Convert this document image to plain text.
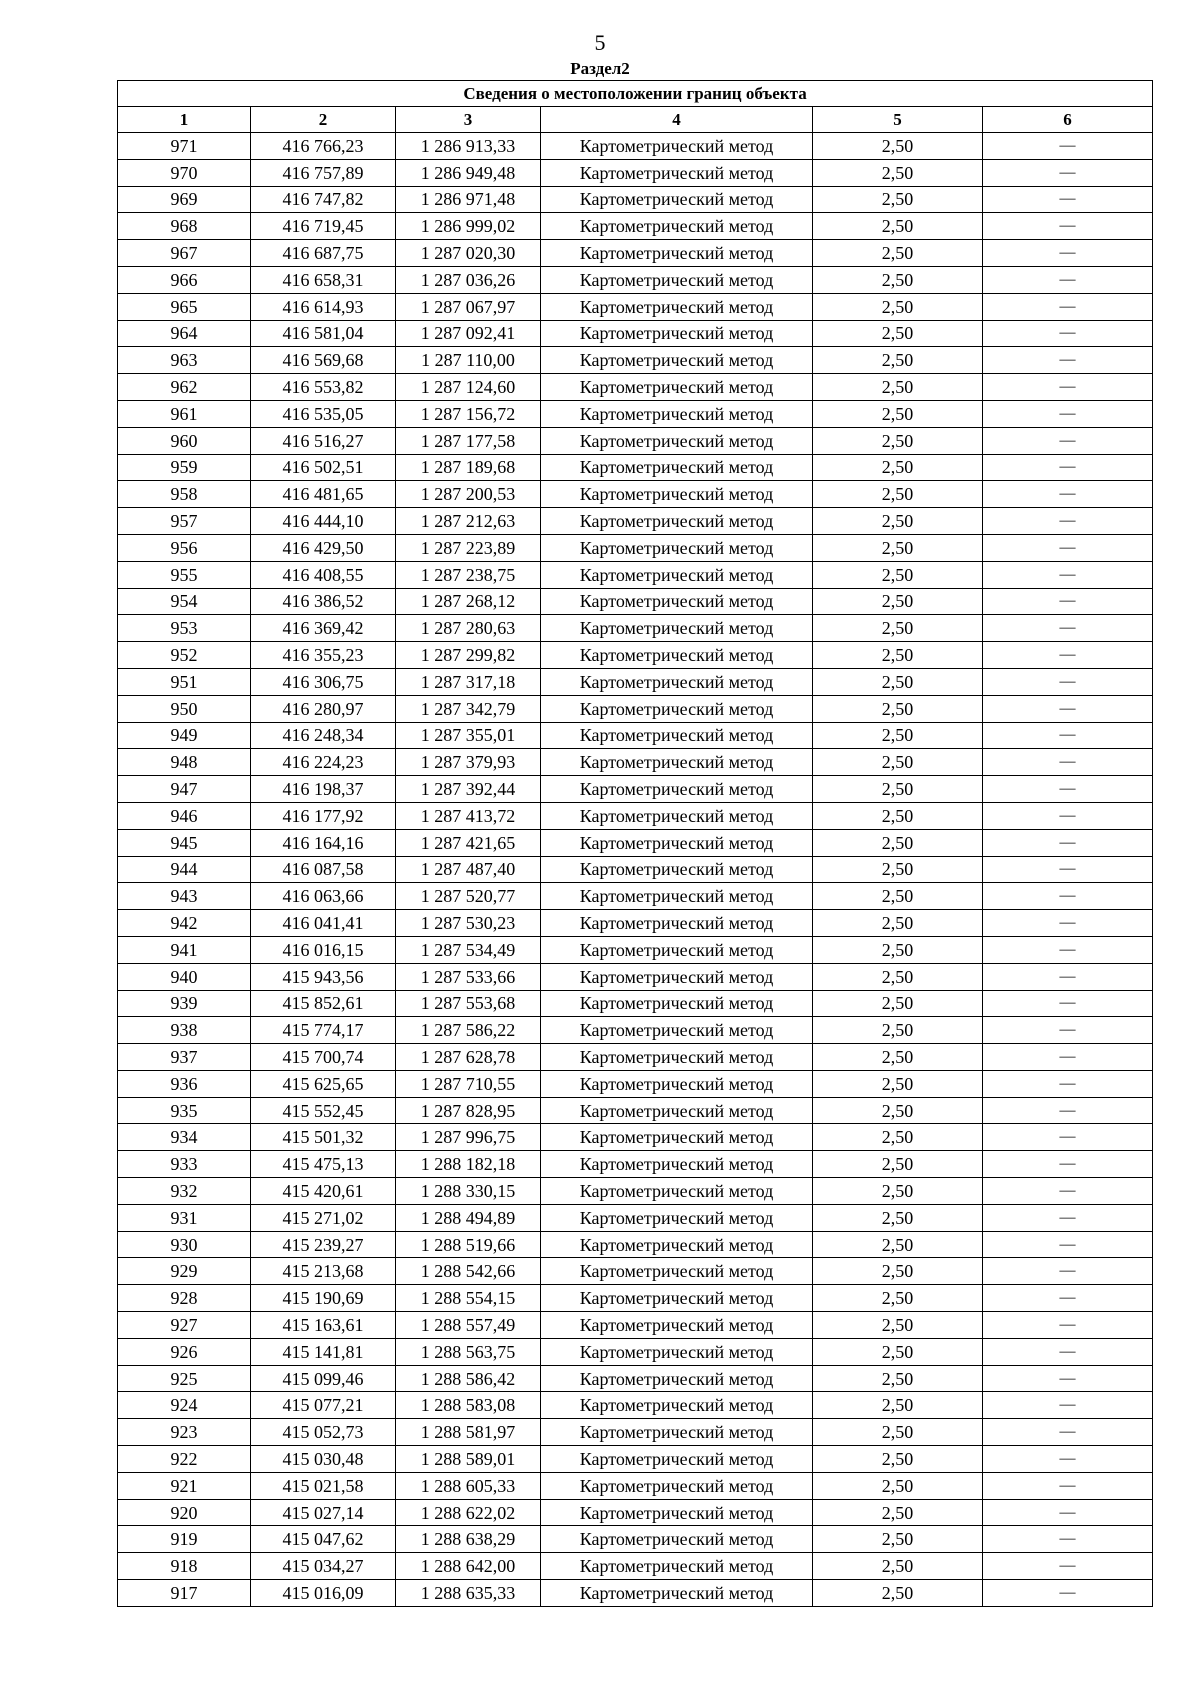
5
Раздел2
Сведения о местоположении границ объекта					
1	2	3	4	5	6
971	416 766,23	1 286 913,33	Картометрический метод	2,50	—
970	416 757,89	1 286 949,48	Картометрический метод	2,50	—
969	416 747,82	1 286 971,48	Картометрический метод	2,50	—
968	416 719,45	1 286 999,02	Картометрический метод	2,50	—
967	416 687,75	1 287 020,30	Картометрический метод	2,50	—
966	416 658,31	1 287 036,26	Картометрический метод	2,50	—
965	416 614,93	1 287 067,97	Картометрический метод	2,50	—
964	416 581,04	1 287 092,41	Картометрический метод	2,50	—
963	416 569,68	1 287 110,00	Картометрический метод	2,50	—
962	416 553,82	1 287 124,60	Картометрический метод	2,50	—
961	416 535,05	1 287 156,72	Картометрический метод	2,50	—
960	416 516,27	1 287 177,58	Картометрический метод	2,50	—
959	416 502,51	1 287 189,68	Картометрический метод	2,50	—
958	416 481,65	1 287 200,53	Картометрический метод	2,50	—
957	416 444,10	1 287 212,63	Картометрический метод	2,50	—
956	416 429,50	1 287 223,89	Картометрический метод	2,50	—
955	416 408,55	1 287 238,75	Картометрический метод	2,50	—
954	416 386,52	1 287 268,12	Картометрический метод	2,50	—
953	416 369,42	1 287 280,63	Картометрический метод	2,50	—
952	416 355,23	1 287 299,82	Картометрический метод	2,50	—
951	416 306,75	1 287 317,18	Картометрический метод	2,50	—
950	416 280,97	1 287 342,79	Картометрический метод	2,50	—
949	416 248,34	1 287 355,01	Картометрический метод	2,50	—
948	416 224,23	1 287 379,93	Картометрический метод	2,50	—
947	416 198,37	1 287 392,44	Картометрический метод	2,50	—
946	416 177,92	1 287 413,72	Картометрический метод	2,50	—
945	416 164,16	1 287 421,65	Картометрический метод	2,50	—
944	416 087,58	1 287 487,40	Картометрический метод	2,50	—
943	416 063,66	1 287 520,77	Картометрический метод	2,50	—
942	416 041,41	1 287 530,23	Картометрический метод	2,50	—
941	416 016,15	1 287 534,49	Картометрический метод	2,50	—
940	415 943,56	1 287 533,66	Картометрический метод	2,50	—
939	415 852,61	1 287 553,68	Картометрический метод	2,50	—
938	415 774,17	1 287 586,22	Картометрический метод	2,50	—
937	415 700,74	1 287 628,78	Картометрический метод	2,50	—
936	415 625,65	1 287 710,55	Картометрический метод	2,50	—
935	415 552,45	1 287 828,95	Картометрический метод	2,50	—
934	415 501,32	1 287 996,75	Картометрический метод	2,50	—
933	415 475,13	1 288 182,18	Картометрический метод	2,50	—
932	415 420,61	1 288 330,15	Картометрический метод	2,50	—
931	415 271,02	1 288 494,89	Картометрический метод	2,50	—
930	415 239,27	1 288 519,66	Картометрический метод	2,50	—
929	415 213,68	1 288 542,66	Картометрический метод	2,50	—
928	415 190,69	1 288 554,15	Картометрический метод	2,50	—
927	415 163,61	1 288 557,49	Картометрический метод	2,50	—
926	415 141,81	1 288 563,75	Картометрический метод	2,50	—
925	415 099,46	1 288 586,42	Картометрический метод	2,50	—
924	415 077,21	1 288 583,08	Картометрический метод	2,50	—
923	415 052,73	1 288 581,97	Картометрический метод	2,50	—
922	415 030,48	1 288 589,01	Картометрический метод	2,50	—
921	415 021,58	1 288 605,33	Картометрический метод	2,50	—
920	415 027,14	1 288 622,02	Картометрический метод	2,50	—
919	415 047,62	1 288 638,29	Картометрический метод	2,50	—
918	415 034,27	1 288 642,00	Картометрический метод	2,50	—
917	415 016,09	1 288 635,33	Картометрический метод	2,50	—
